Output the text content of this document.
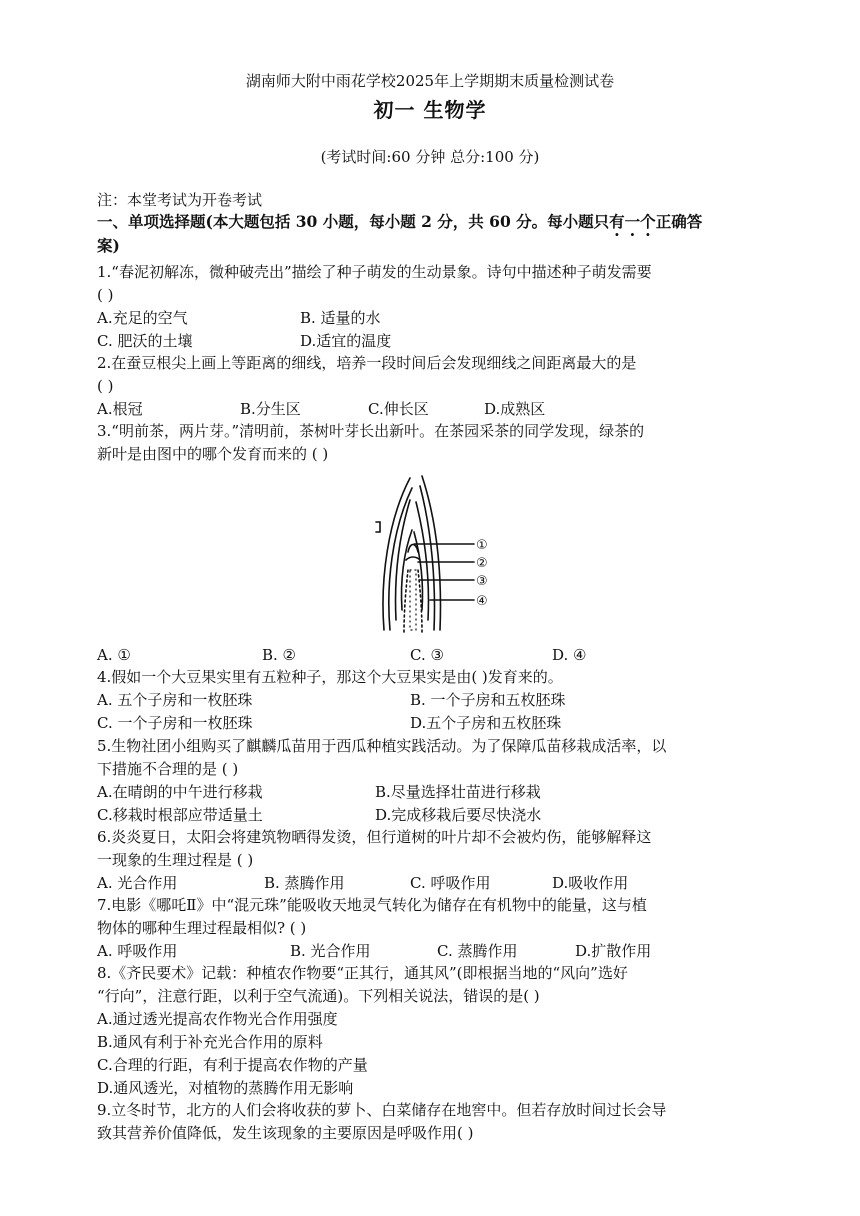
湖南师大附中雨花学校2025年上学期期末质量检测试卷
初一 生物学
(考试时间:60 分钟 总分:100 分)
注：本堂考试为开卷考试
一、单项选择题(本大题包括 30 小题，每小题 2 分，共 60 分。每小题只有一个正确答
案)
1.“春泥初解冻，微种破壳出”描绘了种子萌发的生动景象。诗句中描述种子萌发需要
( )
A.充足的空气	B. 适量的水
C. 肥沃的土壤	D.适宜的温度
2.在蚕豆根尖上画上等距离的细线，培养一段时间后会发现细线之间距离最大的是
( )
A.根冠	B.分生区	C.伸长区	D.成熟区
3.“明前茶，两片芽。”清明前，茶树叶芽长出新叶。在茶园采茶的同学发现，绿茶的
新叶是由图中的哪个发育而来的 ( )
①
②
③
④
A. ①	B. ②	C. ③	D. ④
4.假如一个大豆果实里有五粒种子，那这个大豆果实是由( )发育来的。
A. 五个子房和一枚胚珠	B. 一个子房和五枚胚珠
C. 一个子房和一枚胚珠	D.五个子房和五枚胚珠
5.生物社团小组购买了麒麟瓜苗用于西瓜种植实践活动。为了保障瓜苗移栽成活率，以
下措施不合理的是 ( )
A.在晴朗的中午进行移栽	B.尽量选择壮苗进行移栽
C.移栽时根部应带适量土	D.完成移栽后要尽快浇水
6.炎炎夏日，太阳会将建筑物晒得发烫，但行道树的叶片却不会被灼伤，能够解释这
一现象的生理过程是 ( )
A. 光合作用	B. 蒸腾作用	C. 呼吸作用	D.吸收作用
7.电影《哪吒Ⅱ》中“混元珠”能吸收天地灵气转化为储存在有机物中的能量，这与植
物体的哪种生理过程最相似? ( )
A. 呼吸作用	B. 光合作用	C. 蒸腾作用	D.扩散作用
8.《齐民要术》记载：种植农作物要“正其行，通其风”(即根据当地的“风向”选好
“行向”，注意行距，以利于空气流通)。下列相关说法，错误的是( )
A.通过透光提高农作物光合作用强度
B.通风有利于补充光合作用的原料
C.合理的行距，有利于提高农作物的产量
D.通风透光，对植物的蒸腾作用无影响
9.立冬时节，北方的人们会将收获的萝卜、白菜储存在地窖中。但若存放时间过长会导
致其营养价值降低，发生该现象的主要原因是呼吸作用( )
